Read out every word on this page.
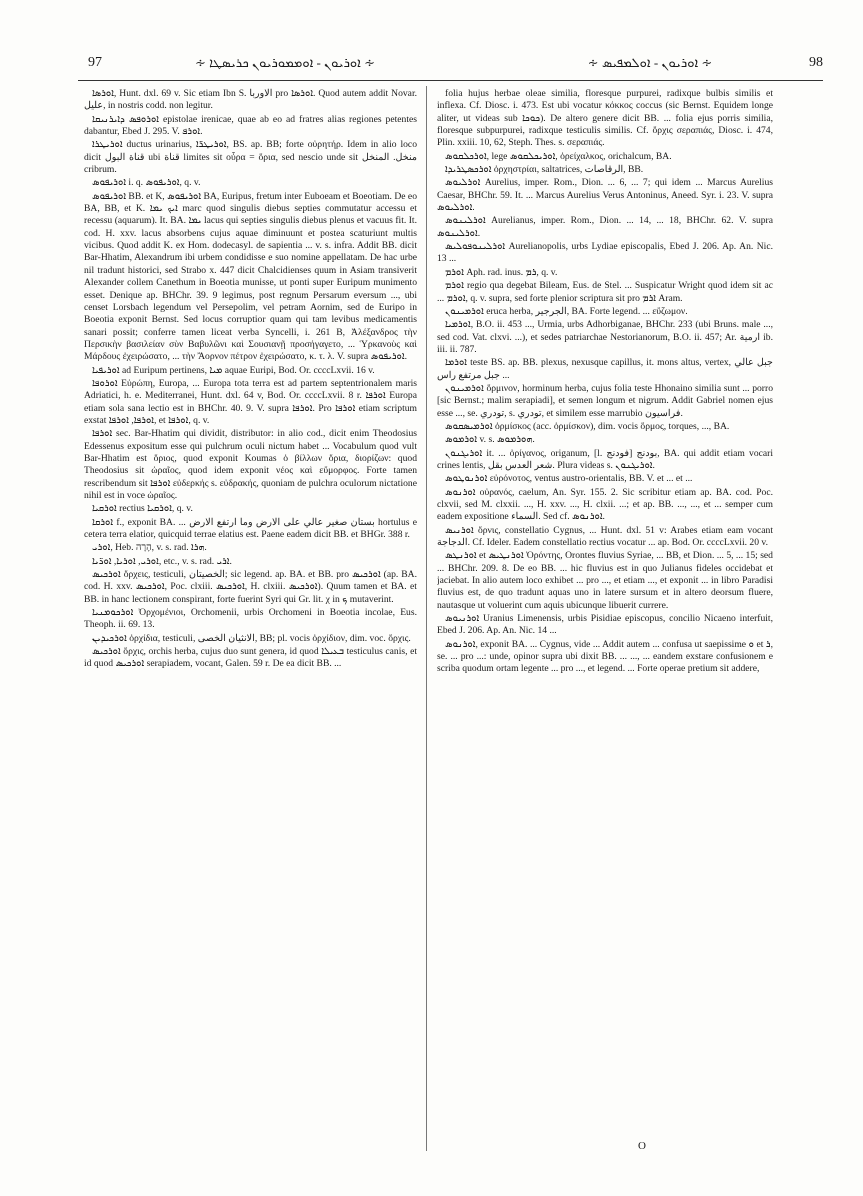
97	∻ ܐܘܪܝܘܢ - ܐܘܡܡܘܪܝܘܢ ܟܪܝܣܛܐ ∻	∻ ܐܘܪܝܘܢ - ܐܘܠܡܦܝܣ ∻	98

ܐܘܪܣܐ, Hunt. dxl. 69 v. Sic etiam Ibn S. الاوربا pro ܐܘܪܣܐ. Quod autem addit Novar. ﻋﻠﯿﻞ, in nostris codd. non legitur.

ܐܘܪܘܦܣ ܕܐܝܪܢܝܩܐ epistolae irenicae, quae ab eo ad fratres alias regiones petentes dabantur, Ebed J. 295. V. ܐܘܪܦ.

ܐܘܪܝܛܪܐ ductus urinarius, ܐܘܪܝܛܪ̈ܐ, BS. ap. BB; forte οὐρητήρ. Idem in alio loco dicit ﻗﻨﺎﺓ ﺍﻟﺒﻮﻝ ubi ﻗﻨﺎﺓ limites sit οὖρα = ὅρια, sed nescio unde sit ﻣﻨﺨﻞ. ﺍﻟﻤﻨﺨﻞ cribrum.

ܐܘܪܝܦܘܣ i. q. ܐܘܪܝܦܘܣ, q. v.

ܐܘܪܝܦܘܣ BB. et K, ܐܘܪܝܦܘܣ BA, Euripus, fretum inter Euboeam et Boeotiam. De eo BA, BB, et K. ܐܝܟ ܝܡܐ marc quod singulis diebus septies commutatur accessu et recessu (aquarum). It. BA. ܝܡܐ lacus qui septies singulis diebus plenus et vacuus fit. It. cod. H. xxv. lacus absorbens cujus aquae diminuunt et postea scaturiunt multis vicibus. Quod addit K. ex Hom. dodecasyl. de sapientia ... v. s. infra. Addit BB. dicit Bar-Hhatim, Alexandrum ibi urbem condidisse e suo nomine appellatam. De hac urbe nil tradunt historici, sed Strabo x. 447 dicit Chalcidienses quum in Asiam transiverit Alexander collem Canethum in Boeotia munisse, ut ponti super Euripum munimento esset. Denique ap. BHChr. 39. 9 legimus, post regnum Persarum eversum ..., ubi censet Lorsbach legendum vel Persepolim, vel petram Aornim, sed de Euripo in Boeotia exponit Bernst. Sed locus corruptior quam qui tam levibus medicamentis sanari possit; conferre tamen liceat verba Syncelli, i. 261 B, Ἀλέξανδρος τὴν Περσικὴν βασιλείαν σὺν Βαβυλῶνι καὶ Σουσιανῇ προσήγαγετο, ... Ὑρκανοὺς καὶ Μάρδους ἐχειρώσατο, ... τὴν Ἄορνον πέτρον ἐχειρώσατο, κ. τ. λ. V. supra ܐܘܪܝܦܘܣ.

ܐܘܪܝܦܝܐ ad Euripum pertinens, ܡܝܐ aquae Euripi, Bod. Or. ccccLxvii. 16 v.

ܐܘܪܘܦܐ Εὐρώπη, Europa, ... Europa tota terra est ad partem septentrionalem maris Adriatici, h. e. Mediterranei, Hunt. dxl. 64 v, Bod. Or. ccccLxvii. 8 r. ܐܘܪܦܐ Europa etiam sola sana lectio est in BHChr. 40. 9. V. supra ܐܘܪܦܐ. Pro ܐܘܪܦܐ etiam scriptum exstat ܐܘܪܦܐ, ܐܘܪܦܐ, et ܐܘܪܦܐ, q. v.

ܐܘܪܦܐ sec. Bar-Hhatim qui dividit, distributor: in alio cod., dicit enim Theodosius Edessenus expositum esse qui pulchrum oculi nictum habet ... Vocabulum quod vult Bar-Hhatim est ὅριος, quod exponit Koumas ὁ βίλλων ὅρια, διορίζων: quod Theodosius sit ὠραῖος, quod idem exponit νέος καὶ εὔμορφος. Forte tamen rescribendum sit ܐܘܪܦܐ εὐδερκής s. εὐδρακής, quoniam de pulchra oculorum nictatione nihil est in voce ὠραῖος.

ܐܘܪܩܝܐ rectius ܐܘܪܩܝܐ, q. v.

ܐܘܪܩܐ f., exponit BA. ... ﺑﺴﺘﺎﻥ ﺻﻐﻴﺮ ﻋﺎﻟﻲ ﻋﻠﻰ ﺍﻻﺭﺽ ﻭﻣﺎ ﺍﺭﺗﻔﻊ ﺍﻻﺭﺽ hortulus e cetera terra elatior, quicquid terrae elatius est. Paene eadem dicit BB. et BHGr. 388 r.

ܐܘܪܝ, Heb. הָרָה, v. s. rad. ܗܪܐ.

ܐܘܪܝ, ܐܘܪܝܐ, ܐܘܪ̈ܝܐ, etc., v. s. rad. ܐܪܝ.

ܐܘܪܟܝܣ ὄρχεις, testiculi, ﺍﻟﺨﺼﻴﺘﺎﻥ; sic legend. ap. BA. et BB. pro ܐܘܪܟܝܣ (ap. BA. cod. H. xxv. ܐܘܪܟܝܣ, Poc. clxiii. ܐܘܪܟܝܣ, H. clxiii. ܐܘܪܟܝܣ). Quum tamen et BA. et BB. in hanc lectionem conspirant, forte fuerint Syri qui Gr. lit. χ in ܟ mutaverint.

ܐܘܪܟܘܡܢܝܐ Ὀρχομένιοι, Orchomenii, urbis Orchomeni in Boeotia incolae, Eus. Theoph. ii. 69. 13.

ܐܘܪܟܝܕܝܢ ὀρχίδια, testiculi, ﺍﻻﻧﺜﻴﺎﻥ ﺍﻟﺨﺼﻰ, BB; pl. vocis ὀρχίδιον, dim. voc. ὄρχις.

ܐܘܪܟܝܣ ὄρχις, orchis herba, cujus duo sunt genera, id quod ܒܥܝܠܐ testiculus canis, et id quod ܐܘܪܟܝܣ serapiadem, vocant, Galen. 59 r. De ea dicit BB. ...

folia hujus herbae oleae similia, floresque purpurei, radixque bulbis similis et inflexa. Cf. Diosc. i. 473. Est ubi vocatur κόκκος coccus (sic Bernst. Equidem longe aliter, ut videas sub ܟܘܟܐ). De altero genere dicit BB. ... folia ejus porris similia, floresque subpurpurei, radixque testiculis similis. Cf. ὄρχις σεραπιάς, Diosc. i. 474, Plin. xxiii. 10, 62, Steph. Thes. s. σεραπιάς.

ܐܘܪܟܠܩܘܣ, lege ܐܘܪܝܟܠܩܘܣ, ὀρείχαλκος, orichalcum, BA.

ܐܘܪܟܣܛܪܝܕܐ ὀρχηστρίαι, saltatrices, ﺍﻟﺮﻗﺎﺻﺎﺕ, BB.

ܐܘܪܠܝܘܣ Aurelius, imper. Rom., Dion. ... 6, ... 7; qui idem ... Marcus Aurelius Caesar, BHChr. 59. It. ... Marcus Aurelius Verus Antoninus, Aneed. Syr. i. 23. V. supra ܐܘܪܠܝܘܣ.

ܐܘܪܠܝܢܘܣ Aurelianus, imper. Rom., Dion. ... 14, ... 18, BHChr. 62. V. supra ܐܘܪܠܝܢܘܣ.

ܐܘܪܠܝܢܘܦܘܠܝܣ Aurelianopolis, urbs Lydiae episcopalis, Ebed J. 206. Ap. An. Nic. 13 ...

ܐܘܪܡ Aph. rad. inus. ܪܡ, q. v.

ܐܘܪܡ regio qua degebat Bileam, Eus. de Stel. ... Suspicatur Wright quod idem sit ac ... ܐܘܪܡ, q. v. supra, sed forte plenior scriptura sit pro ܐܪܡ Aram.

ܐܘܪܡܝܢܘܢ eruca herba, ﺍﻟﺠﺮﺟﻴﺮ, BA. Forte legend. ... εὔζωμον.

ܐܘܪܡܝܐ, B.O. ii. 453 ..., Urmia, urbs Adhorbiganae, BHChr. 233 (ubi Bruns. male ..., sed cod. Vat. clxvi. ...), et sedes patriarchae Nestorianorum, B.O. ii. 457; Ar. ﺍﺭﻣﻴﺔ ib. iii. ii. 787.

ܐܘܪܡܐ teste BS. ap. BB. plexus, nexusque capillus, it. mons altus, vertex, ﺟﺒﻞ ﻋﺎﻟﻲ ﺟﺒﻞ ﻣﺮﺗﻔﻊ ﺭﺍﺱ ...

ܐܘܪܡܝܢܘܢ ὅρμινον, horminum herba, cujus folia teste Hhonaino similia sunt ... porro [sic Bernst.; malim serapiadi], et semen longum et nigrum. Addit Gabriel nomen ejus esse ..., se. ﺗﻮﺩﺭﻱ, s. ﺗﻮﺩﺭﻱ, et similem esse marrubio ﻓﺮﺍﺳﻴﻮﻥ.

ܐܘܪܡܝܣܩܘܣ ὁρμίσκος (acc. ὁρμίσκον), dim. vocis ὅρμος, torques, ..., BA.

ܐܘܪܡܘܣ v. s. ܗܘܪܡܘܣ.

ܐܘܪܝܓܢܘܢ it. ... ὀρίγανος, origanum, [l. ﻓﻮﺩﻧﺞ] ﺑﻮﺩﻧﺞ, BA. qui addit etiam vocari crines lentis, ﺷﻌﺮ ﺍﻟﻌﺪﺱ ﺑﻘﻞ. Plura videas s. ܐܘܪܝܓܢܘܢ.

ܐܘܪܢܘܛܘܣ εὐρόνοτος, ventus austro-orientalis, BB. V. et ... et ...

ܐܘܪܢܘܣ οὐρανός, caelum, An. Syr. 155. 2. Sic scribitur etiam ap. BA. cod. Poc. clxvii, sed M. clxxii. ..., H. xxv. ..., H. clxii. ...; et ap. BB. ..., ..., et ... semper cum eadem expositione ﺍﻟﺴﻤﺎﺀ. Sed cf. ܐܘܪܢܘܣ.

ܐܘܪܢܝܣ ὄρνις, constellatio Cygnus, ... Hunt. dxl. 51 v: Arabes etiam eam vocant ﺍﻟﺪﺟﺎﺟﺔ. Cf. Ideler. Eadem constellatio rectius vocatur ... ap. Bod. Or. ccccLxvii. 20 v.

ܐܘܪܢܛܣ et ܐܘܪܢܛܝܣ Ὀρόντης, Orontes fluvius Syriae, ... BB, et Dion. ... 5, ... 15; sed ... BHChr. 209. 8. De eo BB. ... hic fluvius est in quo Julianus fideles occidebat et jaciebat. In alio autem loco exhibet ... pro ..., et etiam ..., et exponit ... in libro Paradisi fluvius est, de quo tradunt aquas uno in latere sursum et in altero deorsum fluere, nautasque ut voluerint cum aquis ubicunque libuerit currere.

ܐܘܪܢܝܘܣ Uranius Limenensis, urbis Pisidiae episcopus, concilio Nicaeno interfuit, Ebed J. 206. Ap. An. Nic. 14 ...

ܐܘܪܢܘܣ, exponit BA. ... Cygnus, vide ... Addit autem ... confusa ut saepissime ܘ et ܪ, se. ... pro ...: unde, opinor supra ubi dixit BB. ... ..., ... eandem exstare confusionem e scriba quodum ortam legente ... pro ..., et legend. ... Forte operae pretium sit addere,

O
